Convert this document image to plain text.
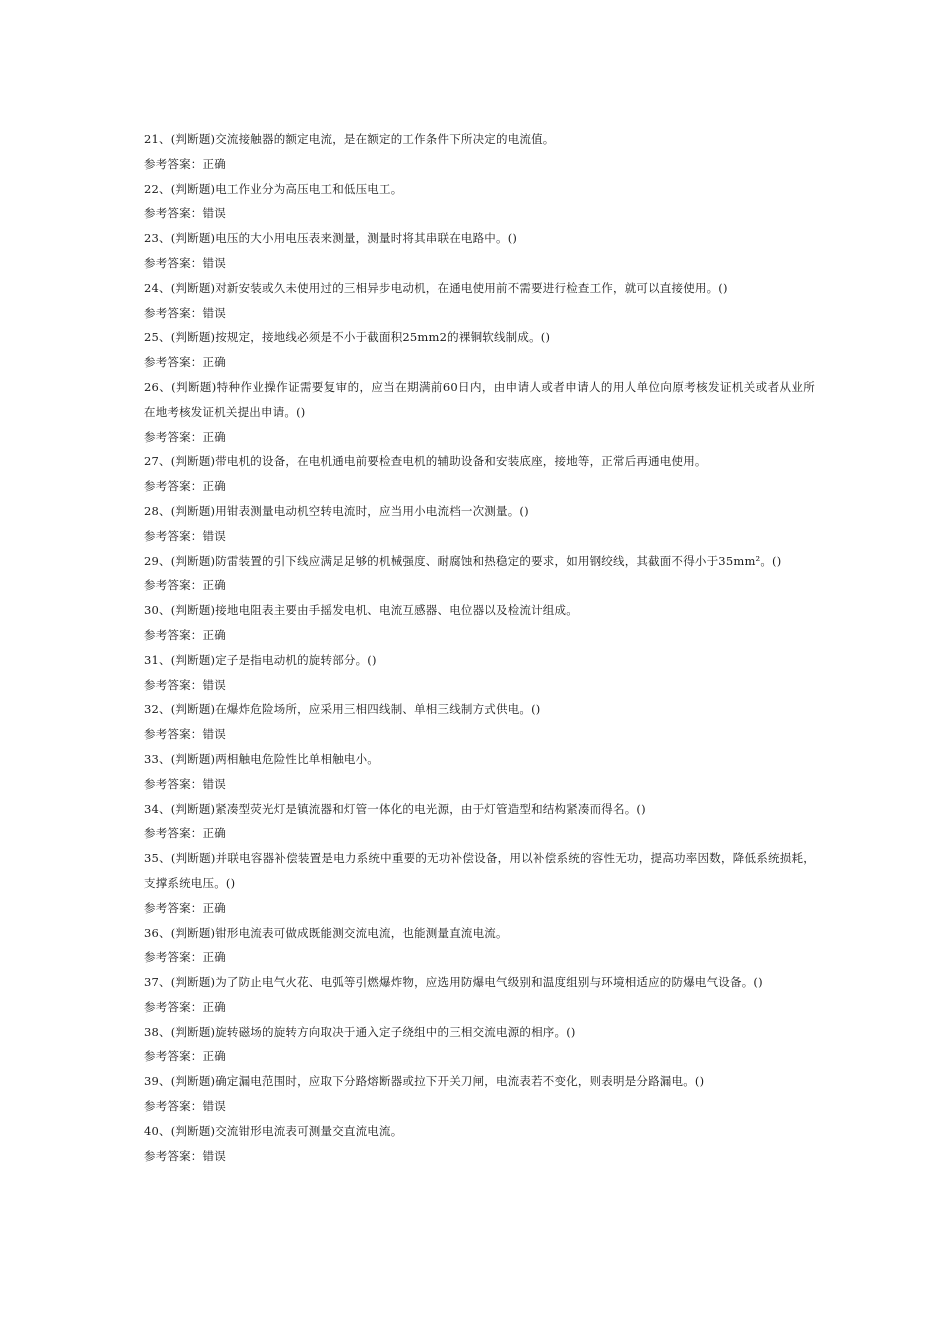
21、(判断题)交流接触器的额定电流，是在额定的工作条件下所决定的电流值。
参考答案：正确
22、(判断题)电工作业分为高压电工和低压电工。
参考答案：错误
23、(判断题)电压的大小用电压表来测量，测量时将其串联在电路中。()
参考答案：错误
24、(判断题)对新安装或久未使用过的三相异步电动机，在通电使用前不需要进行检查工作，就可以直接使用。()
参考答案：错误
25、(判断题)按规定，接地线必须是不小于截面积25mm2的裸铜软线制成。()
参考答案：正确
26、(判断题)特种作业操作证需要复审的，应当在期满前60日内，由申请人或者申请人的用人单位向原考核发证机关或者从业所在地考核发证机关提出申请。()
参考答案：正确
27、(判断题)带电机的设备，在电机通电前要检查电机的辅助设备和安装底座，接地等，正常后再通电使用。
参考答案：正确
28、(判断题)用钳表测量电动机空转电流时，应当用小电流档一次测量。()
参考答案：错误
29、(判断题)防雷装置的引下线应满足足够的机械强度、耐腐蚀和热稳定的要求，如用钢绞线，其截面不得小于35mm²。()
参考答案：正确
30、(判断题)接地电阻表主要由手摇发电机、电流互感器、电位器以及检流计组成。
参考答案：正确
31、(判断题)定子是指电动机的旋转部分。()
参考答案：错误
32、(判断题)在爆炸危险场所，应采用三相四线制、单相三线制方式供电。()
参考答案：错误
33、(判断题)两相触电危险性比单相触电小。
参考答案：错误
34、(判断题)紧凑型荧光灯是镇流器和灯管一体化的电光源，由于灯管造型和结构紧凑而得名。()
参考答案：正确
35、(判断题)并联电容器补偿装置是电力系统中重要的无功补偿设备，用以补偿系统的容性无功，提高功率因数，降低系统损耗，支撑系统电压。()
参考答案：正确
36、(判断题)钳形电流表可做成既能测交流电流，也能测量直流电流。
参考答案：正确
37、(判断题)为了防止电气火花、电弧等引燃爆炸物，应选用防爆电气级别和温度组别与环境相适应的防爆电气设备。()
参考答案：正确
38、(判断题)旋转磁场的旋转方向取决于通入定子绕组中的三相交流电源的相序。()
参考答案：正确
39、(判断题)确定漏电范围时，应取下分路熔断器或拉下开关刀闸，电流表若不变化，则表明是分路漏电。()
参考答案：错误
40、(判断题)交流钳形电流表可测量交直流电流。
参考答案：错误
